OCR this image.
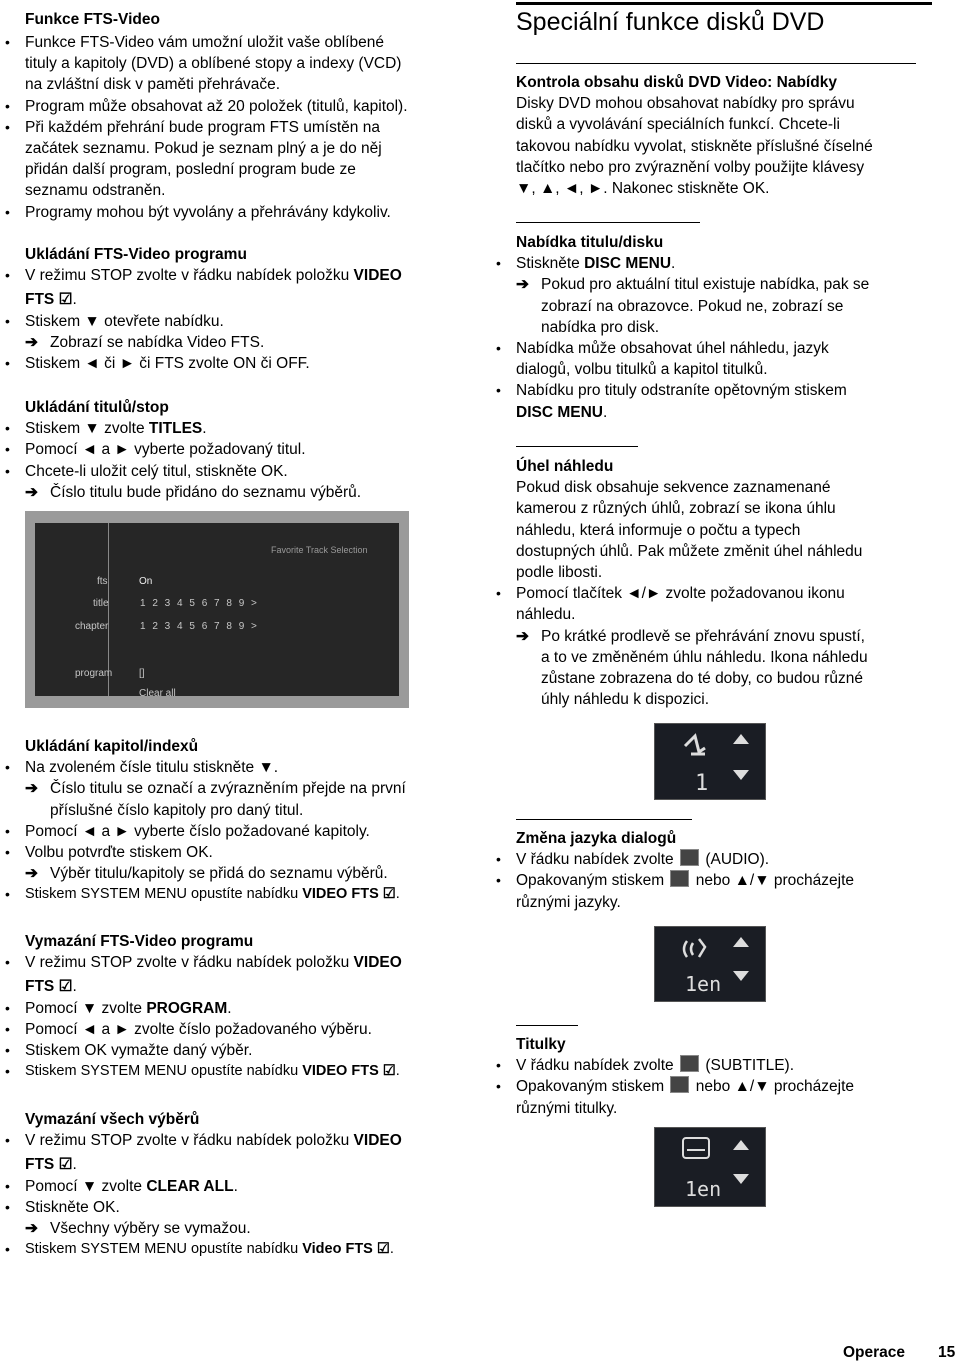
Funkce FTS-Video
• Funkce FTS-Video vám umožní uložit vaše oblíbené
tituly a kapitoly (DVD) a oblíbené stopy a indexy (VCD)
na zvláštní disk v paměti přehrávače.
• Program může obsahovat až 20 položek (titulů, kapitol).
• Při každém přehrání bude program FTS umístěn na
začátek seznamu. Pokud je seznam plný a je do něj
přidán další program, poslední program bude ze
seznamu odstraněn.
• Programy mohou být vyvolány a přehrávány kdykoliv.
Ukládání FTS-Video programu
• V režimu STOP zvolte v řádku nabídek položku VIDEO
FTS ☑.
• Stiskem ▼ otevřete nabídku.
➔ Zobrazí se nabídka Video FTS.
• Stiskem ◄ či ► či FTS zvolte ON či OFF.
Ukládání titulů/stop
• Stiskem ▼ zvolte TITLES.
• Pomocí ◄ a ► vyberte požadovaný titul.
• Chcete-li uložit celý titul, stiskněte OK.
➔ Číslo titulu bude přidáno do seznamu výběrů.
Ukládání kapitol/indexů
• Na zvoleném čísle titulu stiskněte ▼.
➔ Číslo titulu se označí a zvýrazněním přejde na první
příslušné číslo kapitoly pro daný titul.
• Pomocí ◄ a ► vyberte číslo požadované kapitoly.
• Volbu potvrďte stiskem OK.
➔ Výběr titulu/kapitoly se přidá do seznamu výběrů.
• Stiskem SYSTEM MENU opustíte nabídku VIDEO FTS ☑.
Vymazání FTS-Video programu
• V režimu STOP zvolte v řádku nabídek položku VIDEO
FTS ☑.
• Pomocí ▼ zvolte PROGRAM.
• Pomocí ◄ a ► zvolte číslo požadovaného výběru.
• Stiskem OK vymažte daný výběr.
• Stiskem SYSTEM MENU opustíte nabídku VIDEO FTS ☑.
Vymazání všech výběrů
• V režimu STOP zvolte v řádku nabídek položku VIDEO
FTS ☑.
• Pomocí ▼ zvolte CLEAR ALL.
• Stiskněte OK.
➔ Všechny výběry se vymažou.
• Stiskem SYSTEM MENU opustíte nabídku Video FTS ☑.
Favorite Track Selection
fts	On
title	1 2 3 4 5 6 7 8 9 >
chapter	1 2 3 4 5 6 7 8 9 >
program	[]
Clear all
Speciální funkce disků DVD
Kontrola obsahu disků DVD Video: Nabídky
Disky DVD mohou obsahovat nabídky pro správu
disků a vyvolávání speciálních funkcí. Chcete-li
takovou nabídku vyvolat, stiskněte příslušné číselné
tlačítko nebo pro zvýraznění volby použijte klávesy
▼, ▲, ◄, ►. Nakonec stiskněte OK.
Nabídka titulu/disku
• Stiskněte DISC MENU.
➔ Pokud pro aktuální titul existuje nabídka, pak se
zobrazí na obrazovce. Pokud ne, zobrazí se
nabídka pro disk.
• Nabídka může obsahovat úhel náhledu, jazyk
dialogů, volbu titulků a kapitol titulků.
• Nabídku pro tituly odstraníte opětovným stiskem
DISC MENU.
Úhel náhledu
Pokud disk obsahuje sekvence zaznamenané
kamerou z různých úhlů, zobrazí se ikona úhlu
náhledu, která informuje o počtu a typech
dostupných úhlů. Pak můžete změnit úhel náhledu
podle libosti.
• Pomocí tlačítek ◄/► zvolte požadovanou ikonu
náhledu.
➔ Po krátké prodlevě se přehrávání znovu spustí,
a to ve změněném úhlu náhledu. Ikona náhledu
zůstane zobrazena do té doby, co budou různé
úhly náhledu k dispozici.
1
Změna jazyka dialogů
• V řádku nabídek zvolte (AUDIO).
• Opakovaným stiskem nebo ▲/▼ procházejte
různými jazyky.
1en
Titulky
• V řádku nabídek zvolte (SUBTITLE).
• Opakovaným stiskem nebo ▲/▼ procházejte
různými titulky.
1en
Operace 15
